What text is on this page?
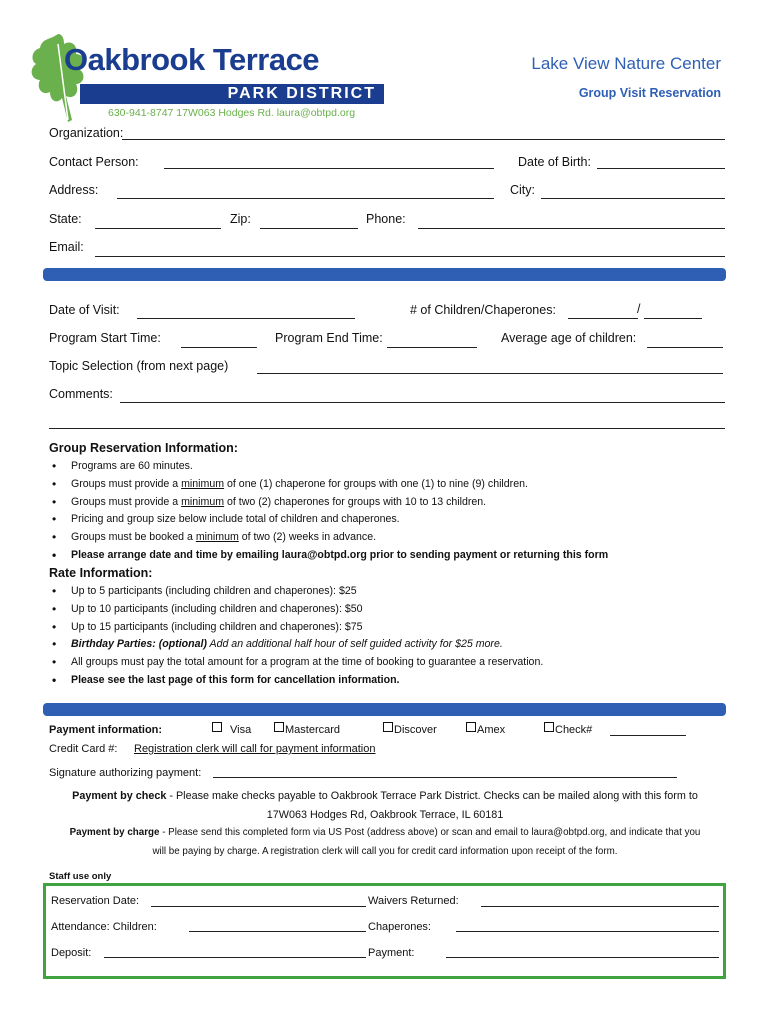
Oakbrook Terrace
PARK DISTRICT
630-941-8747 17W063 Hodges Rd. laura@obtpd.org
Lake View Nature Center
Group Visit Reservation
Organization:
Contact Person:	Date of Birth:
Address:	City:
State:	Zip:	Phone:
Email:
Date of Visit:	# of Children/Chaperones:	/
Program Start Time:	Program End Time:	Average age of children:
Topic Selection (from next page)
Comments:
Group Reservation Information:
• Programs are 60 minutes.
• Groups must provide a minimum of one (1) chaperone for groups with one (1) to nine (9) children.
• Groups must provide a minimum of two (2) chaperones for groups with 10 to 13 children.
• Pricing and group size below include total of children and chaperones.
• Groups must be booked a minimum of two (2) weeks in advance.
• Please arrange date and time by emailing laura@obtpd.org prior to sending payment or returning this form
Rate Information:
• Up to 5 participants (including children and chaperones): $25
• Up to 10 participants (including children and chaperones): $50
• Up to 15 participants (including children and chaperones): $75
• Birthday Parties: (optional) Add an additional half hour of self guided activity for $25 more.
• All groups must pay the total amount for a program at the time of booking to guarantee a reservation.
• Please see the last page of this form for cancellation information.
Payment information:	Visa	Mastercard	Discover	Amex	Check#
Credit Card #: Registration clerk will call for payment information
Signature authorizing payment:
Payment by check - Please make checks payable to Oakbrook Terrace Park District. Checks can be mailed along with this form to
17W063 Hodges Rd, Oakbrook Terrace, IL 60181
Payment by charge - Please send this completed form via US Post (address above) or scan and email to laura@obtpd.org, and indicate that you
will be paying by charge. A registration clerk will call you for credit card information upon receipt of the form.
Staff use only
Reservation Date:	Waivers Returned:
Attendance: Children:	Chaperones:
Deposit:	Payment:
